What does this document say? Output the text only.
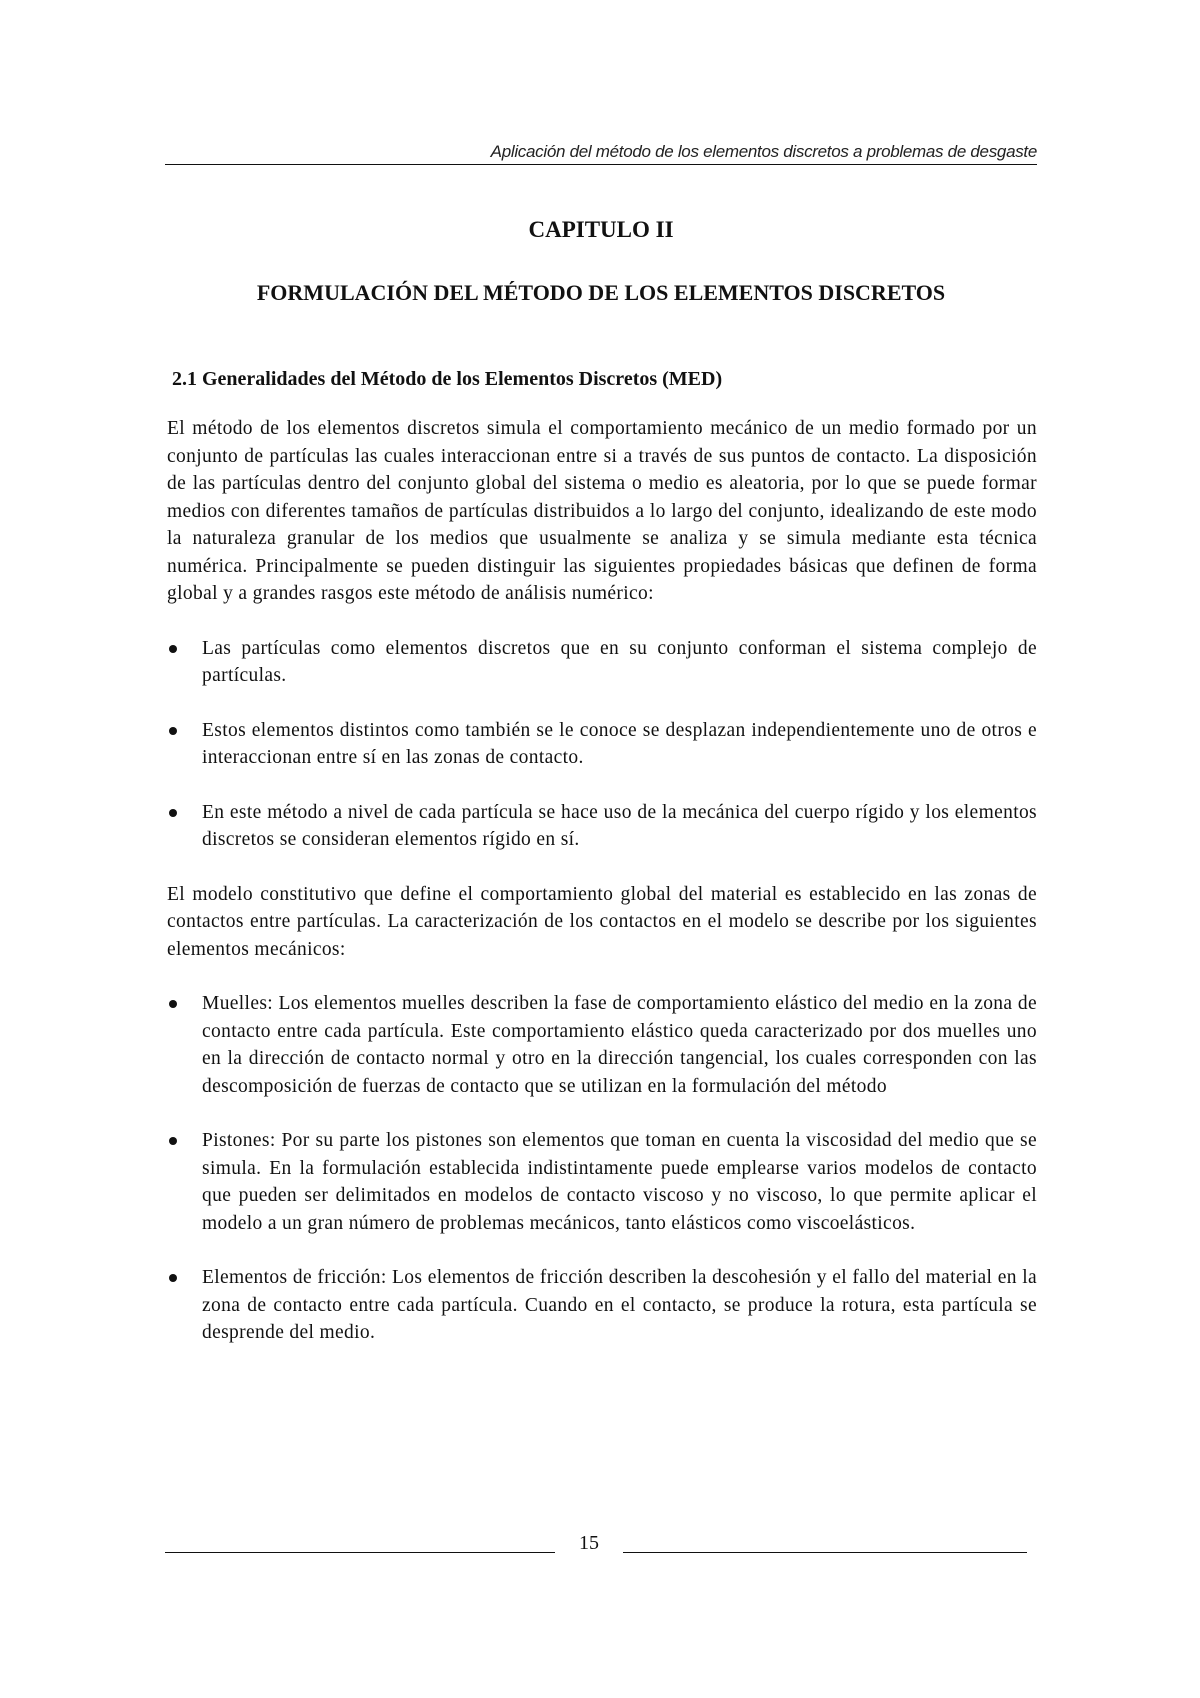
Aplicación del método de los elementos discretos a problemas de desgaste
CAPITULO II
FORMULACIÓN DEL MÉTODO DE LOS ELEMENTOS DISCRETOS
2.1 Generalidades del Método de los Elementos Discretos (MED)

El método de los elementos discretos simula el comportamiento mecánico de un medio formado por un conjunto de partículas las cuales interaccionan entre si a través de sus puntos de contacto. La disposición de las partículas dentro del conjunto global del sistema o medio es aleatoria, por lo que se puede formar medios con diferentes tamaños de partículas distribuidos a lo largo del conjunto, idealizando de este modo la naturaleza granular de los medios que usualmente se analiza y se simula mediante esta técnica numérica. Principalmente se pueden distinguir las siguientes propiedades básicas que definen de forma global y a grandes rasgos este método de análisis numérico:

Las partículas como elementos discretos que en su conjunto conforman el sistema complejo de partículas.
Estos elementos distintos como también se le conoce se desplazan independientemente uno de otros e interaccionan entre sí en las zonas de contacto.
En este método a nivel de cada partícula se hace uso de la mecánica del cuerpo rígido y los elementos discretos se consideran elementos rígido en sí.

El modelo constitutivo que define el comportamiento global del material es establecido en las zonas de contactos entre partículas. La caracterización de los contactos en el modelo se describe por los siguientes elementos mecánicos:

Muelles: Los elementos muelles describen la fase de comportamiento elástico del medio en la zona de contacto entre cada partícula. Este comportamiento elástico queda caracterizado por dos muelles uno en la dirección de contacto normal y otro en la dirección tangencial, los cuales corresponden con las descomposición de fuerzas de contacto que se utilizan en la formulación del método
Pistones: Por su parte los pistones son elementos que toman en cuenta la viscosidad del medio que se simula. En la formulación establecida indistintamente puede emplearse varios modelos de contacto que pueden ser delimitados en modelos de contacto viscoso y no viscoso, lo que permite aplicar el modelo a un gran número de problemas mecánicos, tanto elásticos como viscoelásticos.
Elementos de fricción: Los elementos de fricción describen la descohesión y el fallo del material en la zona de contacto entre cada partícula. Cuando en el contacto, se produce la rotura, esta partícula se desprende del medio.
15
